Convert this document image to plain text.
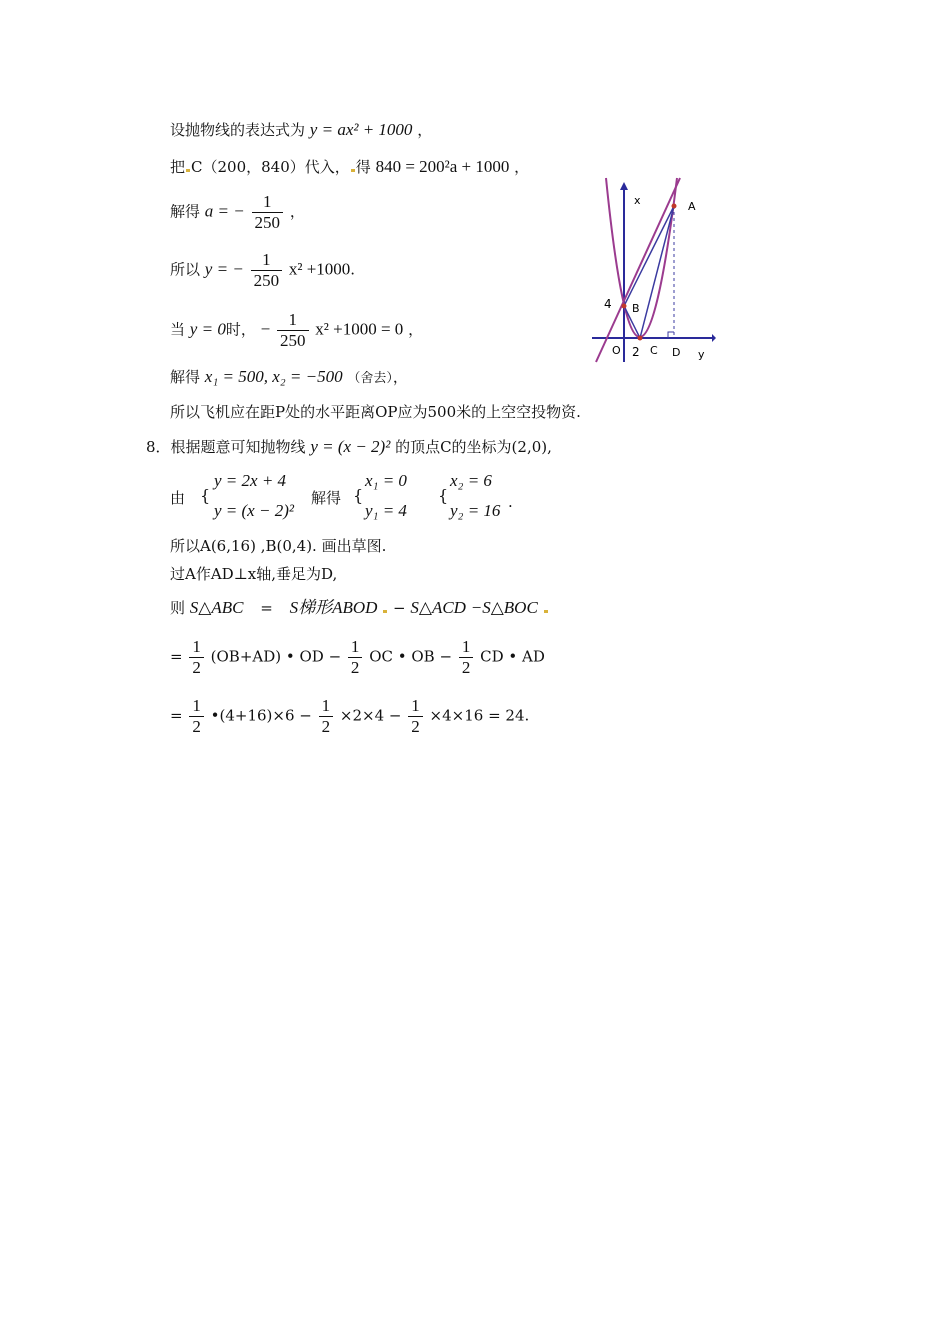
设抛物线的表达式为 y = ax² + 1000 ，
把 C（200，840）代入， 得 840 = 200²a + 1000 ，
解得 a = − $\frac{1}{250}$ ，
所以 y = − $\frac{1}{250} x^2 +1000$.
当 y = 0时， − $\frac{1}{250} x^2 +1000 = 0$ ，
解得 x₁ = 500, x₂ = −500 （舍去），
所以飞机应在距P处的水平距离OP应为500米的上空空投物资.
x
y
A
B
4
O 2 C D
8．根据题意可知抛物线 y = (x − 2)² 的顶点C的坐标为(2,0),
由 {
y = 2x + 4
y = (x − 2)²
解得 {
x₁ = 0
y₁ = 4
{
x₂ = 6
y₂ = 16 .
所以A(6,16) ,B(0,4). 画出草图.
过A作AD⊥x轴,垂足为D,
则 S△ABC = S梯形ABOD − S△ACD −S△BOC
= $\frac{1}{2} (OB+AD)$ • OD − $\frac{1}{2}$ OC • OB − $\frac{1}{2}$ CD • AD
= $\frac{1}{2}$ •(4+16)×6 − $\frac{1}{2} \times 2\times 4 - \frac{1}{2} \times 4\times 16 = 24$.
